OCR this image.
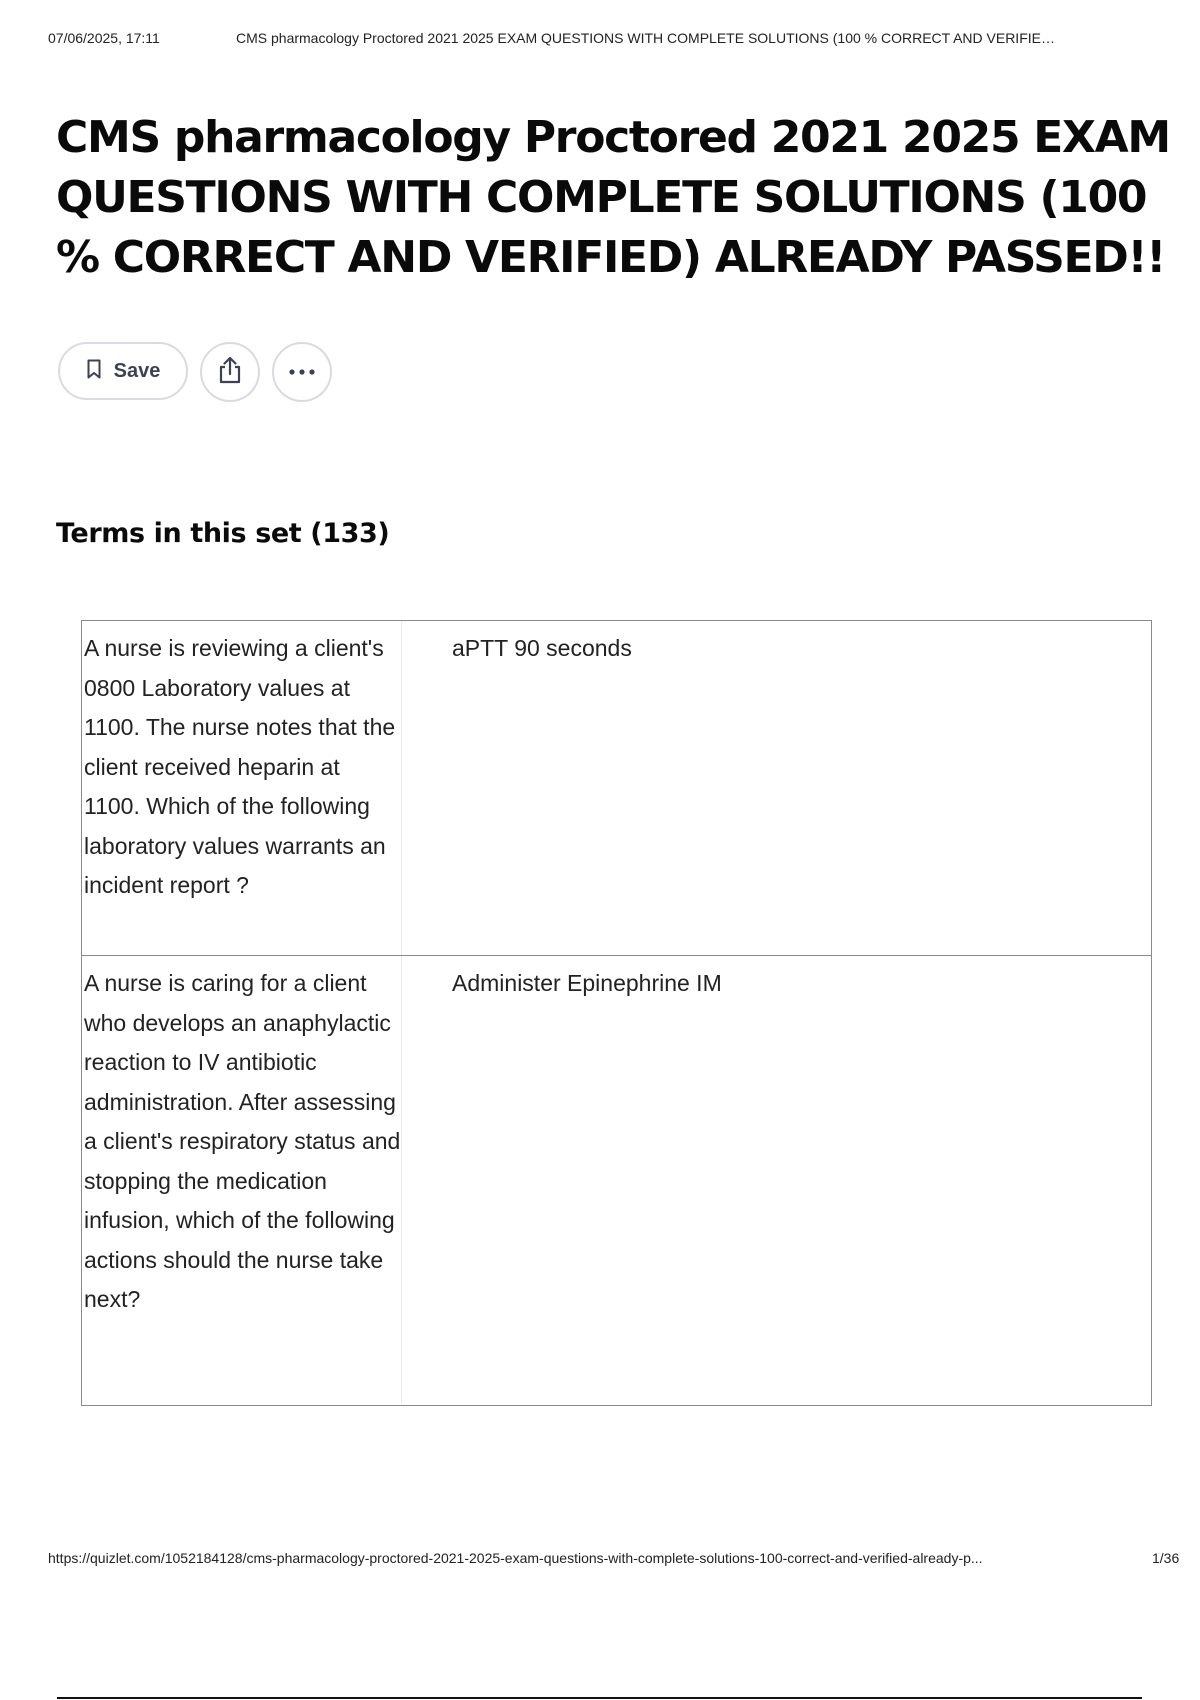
07/06/2025, 17:11	CMS pharmacology Proctored 2021 2025 EXAM QUESTIONS WITH COMPLETE SOLUTIONS (100 % CORRECT AND VERIFIE…
CMS pharmacology Proctored 2021 2025 EXAM QUESTIONS WITH COMPLETE SOLUTIONS (100 % CORRECT AND VERIFIED) ALREADY PASSED!!
Save
Terms in this set (133)
A nurse is reviewing a client's 0800 Laboratory values at 1100. The nurse notes that the client received heparin at 1100. Which of the following laboratory values warrants an incident report ?
aPTT 90 seconds
A nurse is caring for a client who develops an anaphylactic reaction to IV antibiotic administration. After assessing a client's respiratory status and stopping the medication infusion, which of the following actions should the nurse take next?
Administer Epinephrine IM
https://quizlet.com/1052184128/cms-pharmacology-proctored-2021-2025-exam-questions-with-complete-solutions-100-correct-and-verified-already-p...	1/36
